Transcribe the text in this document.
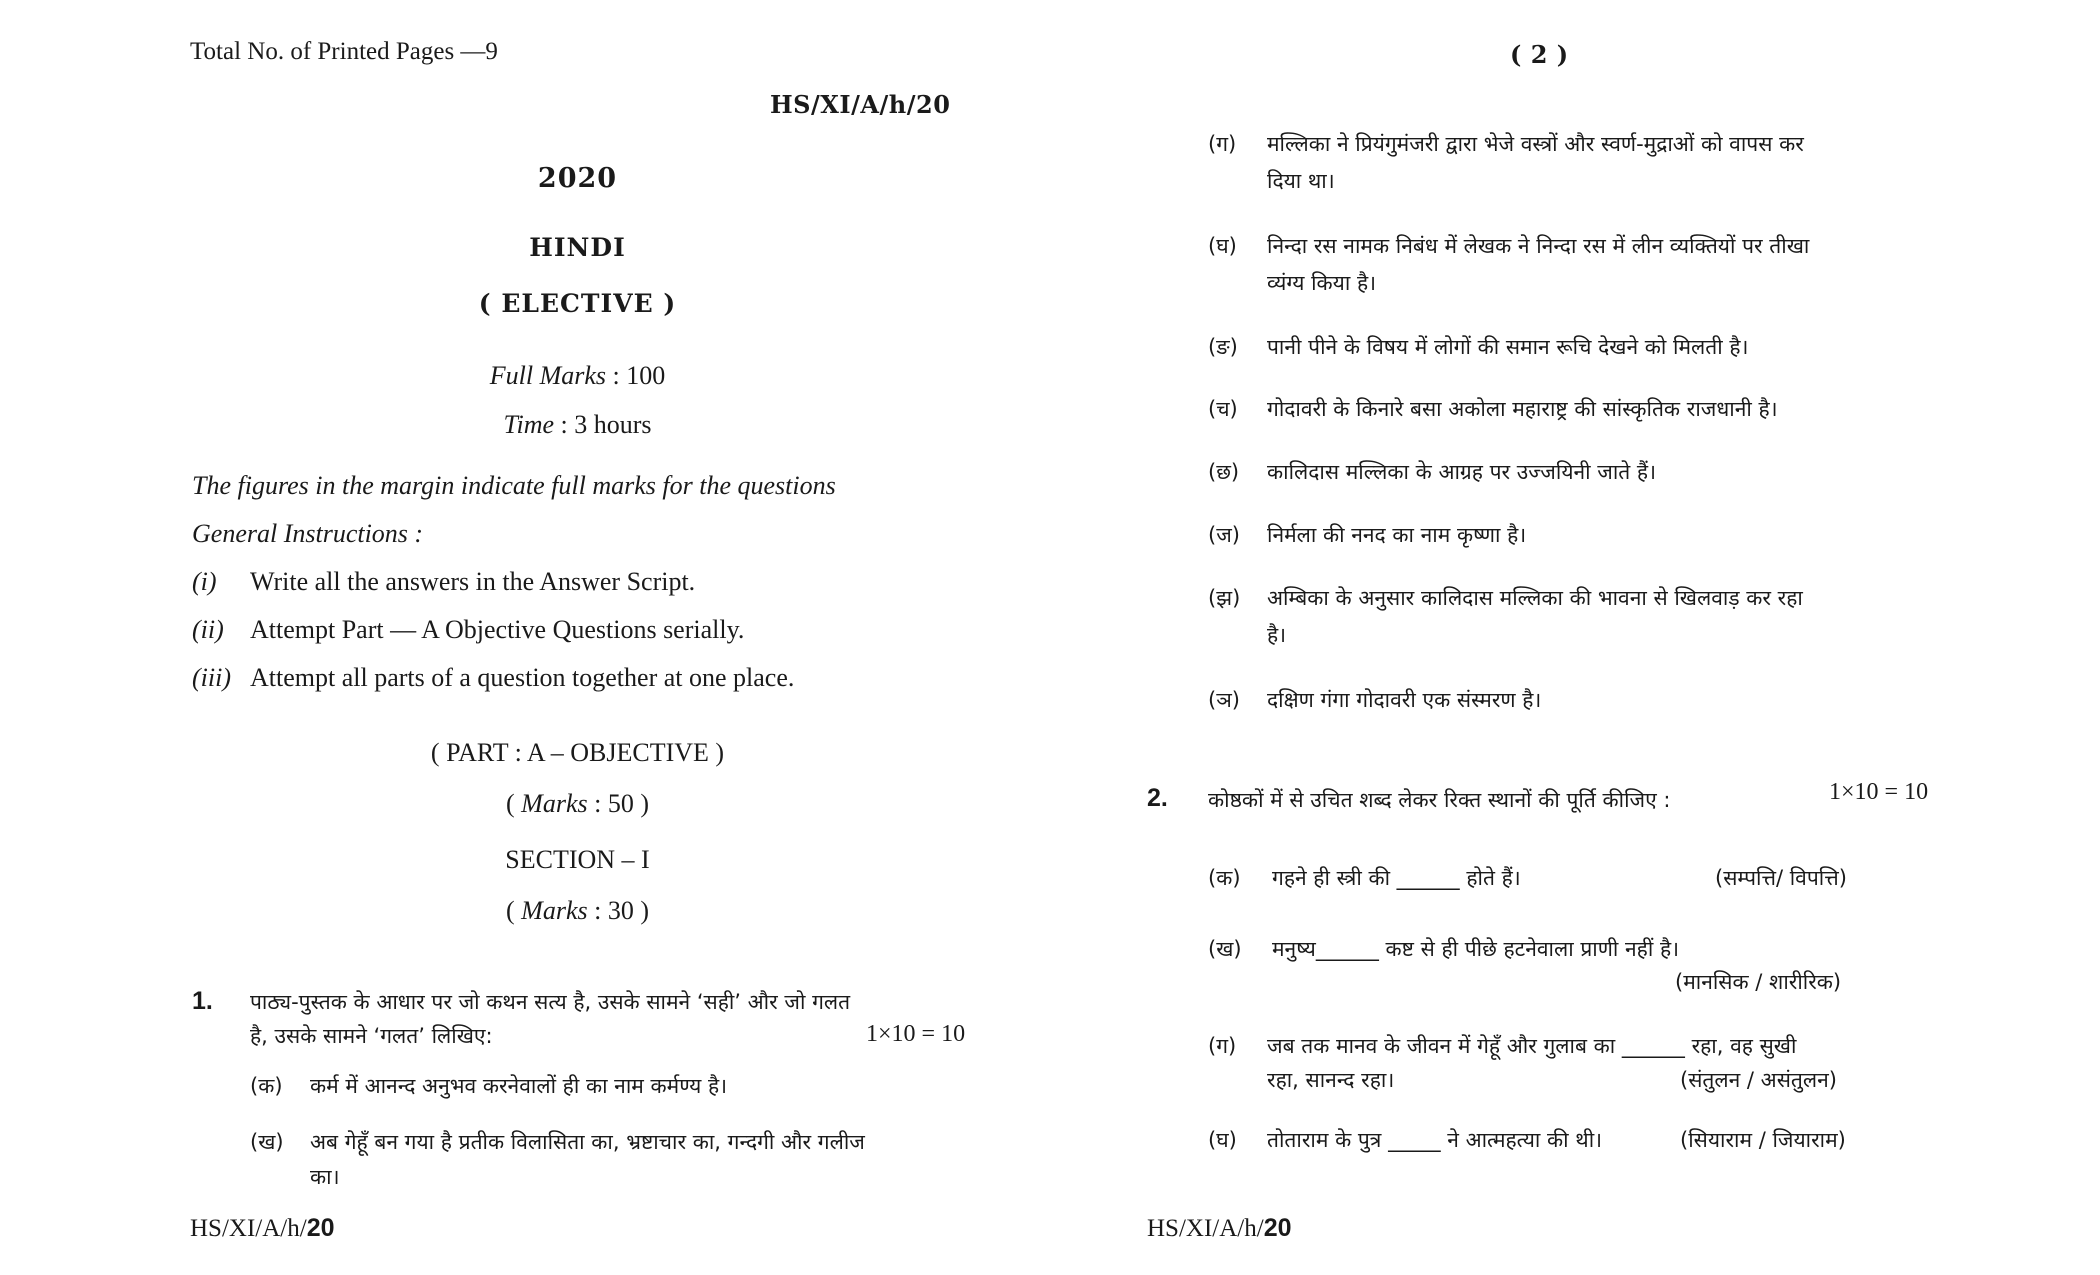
Total No. of Printed Pages —9
HS/XI/A/h/20
2020
HINDI
( ELECTIVE )
Full Marks : 100
Time : 3 hours
The figures in the margin indicate full marks for the questions
General Instructions :
(i) Write all the answers in the Answer Script.
(ii) Attempt Part — A Objective Questions serially.
(iii) Attempt all parts of a question together at one place.
( PART : A – OBJECTIVE )
( Marks : 50 )
SECTION – I
( Marks : 30 )
1. पाठ्य-पुस्तक के आधार पर जो कथन सत्य है, उसके सामने ‘सही’ और जो गलत
है, उसके सामने ‘गलत’ लिखिए:	1×10 = 10
(क) कर्म में आनन्द अनुभव करनेवालों ही का नाम कर्मण्य है।
(ख) अब गेहूँ बन गया है प्रतीक विलासिता का, भ्रष्टाचार का, गन्दगी और गलीज
का।
HS/XI/A/h/20
( 2 )
(ग) मल्लिका ने प्रियंगुमंजरी द्वारा भेजे वस्त्रों और स्वर्ण-मुद्राओं को वापस कर
दिया था।
(घ) निन्दा रस नामक निबंध में लेखक ने निन्दा रस में लीन व्यक्तियों पर तीखा
व्यंग्य किया है।
(ङ) पानी पीने के विषय में लोगों की समान रूचि देखने को मिलती है।
(च) गोदावरी के किनारे बसा अकोला महाराष्ट्र की सांस्कृतिक राजधानी है।
(छ) कालिदास मल्लिका के आग्रह पर उज्जयिनी जाते हैं।
(ज) निर्मला की ननद का नाम कृष्णा है।
(झ) अम्बिका के अनुसार कालिदास मल्लिका की भावना से खिलवाड़ कर रहा
है।
(ञ) दक्षिण गंगा गोदावरी एक संस्मरण है।
2. कोष्ठकों में से उचित शब्द लेकर रिक्त स्थानों की पूर्ति कीजिए :	1×10 = 10
(क) गहने ही स्त्री की ______ होते हैं।	(सम्पत्ति/ विपत्ति)
(ख) मनुष्य______ कष्ट से ही पीछे हटनेवाला प्राणी नहीं है।
(मानसिक / शारीरिक)
(ग) जब तक मानव के जीवन में गेहूँ और गुलाब का ______ रहा, वह सुखी
रहा, सानन्द रहा।	(संतुलन / असंतुलन)
(घ) तोताराम के पुत्र _____ ने आत्महत्या की थी।	(सियाराम / जियाराम)
HS/XI/A/h/20
